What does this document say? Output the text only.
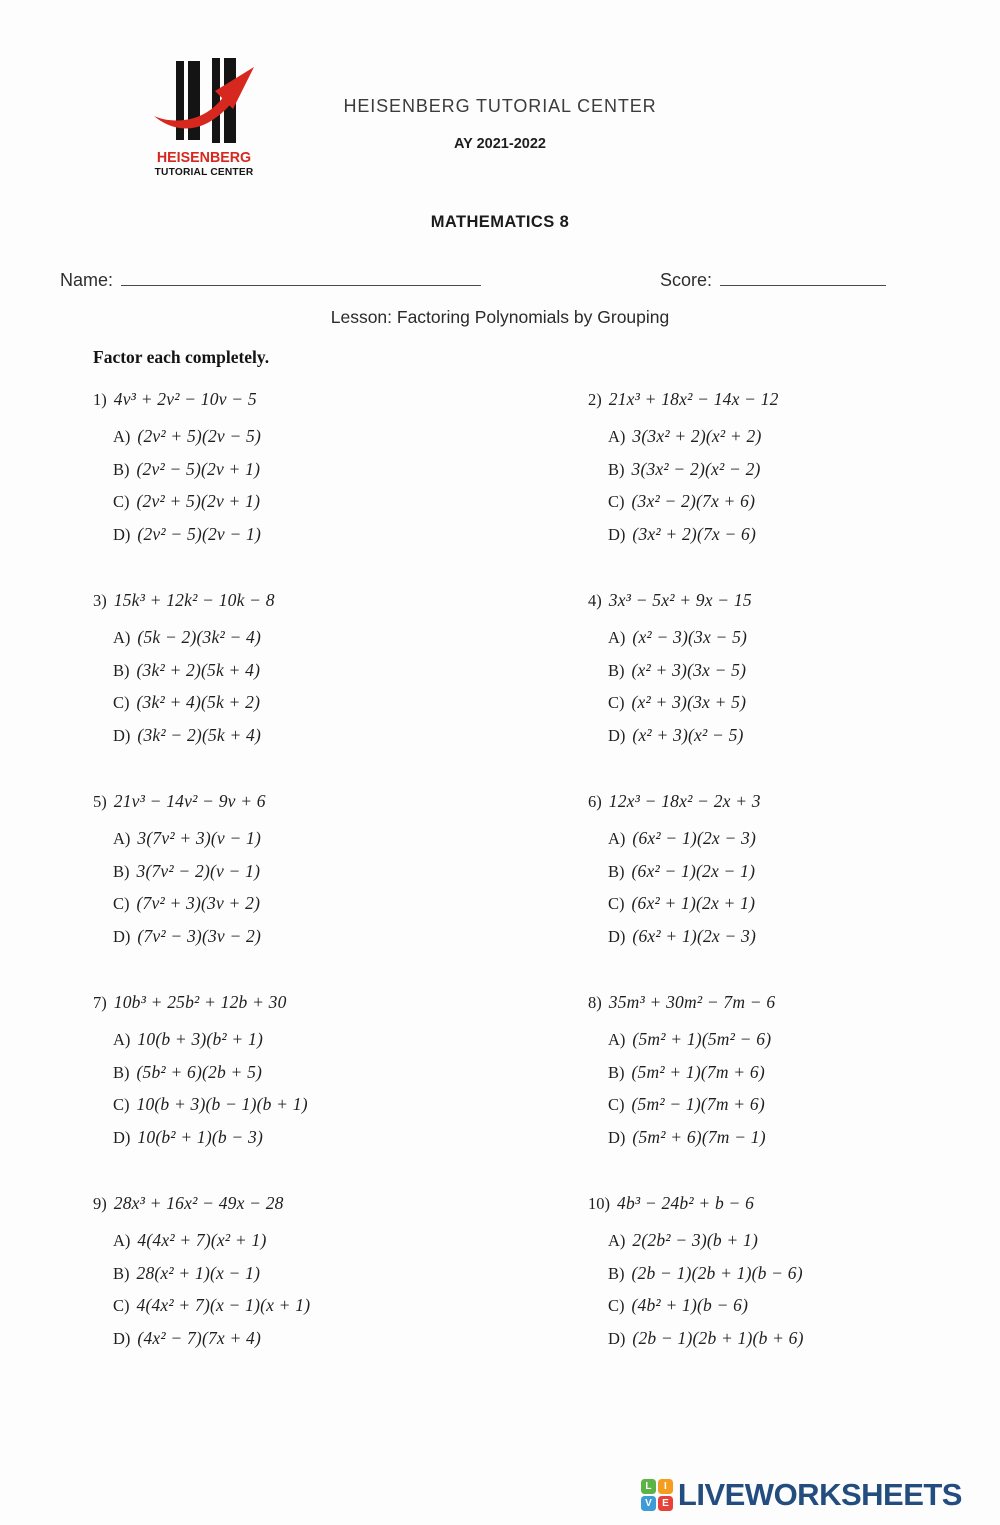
HEISENBERG
TUTORIAL CENTER
HEISENBERG TUTORIAL CENTER
AY 2021-2022
MATHEMATICS 8
Name:	Score:
Lesson: Factoring Polynomials by Grouping
Factor each completely.
1) 4v³ + 2v² − 10v − 5
A) (2v² + 5)(2v − 5)
B) (2v² − 5)(2v + 1)
C) (2v² + 5)(2v + 1)
D) (2v² − 5)(2v − 1)
2) 21x³ + 18x² − 14x − 12
A) 3(3x² + 2)(x² + 2)
B) 3(3x² − 2)(x² − 2)
C) (3x² − 2)(7x + 6)
D) (3x² + 2)(7x − 6)
3) 15k³ + 12k² − 10k − 8
A) (5k − 2)(3k² − 4)
B) (3k² + 2)(5k + 4)
C) (3k² + 4)(5k + 2)
D) (3k² − 2)(5k + 4)
4) 3x³ − 5x² + 9x − 15
A) (x² − 3)(3x − 5)
B) (x² + 3)(3x − 5)
C) (x² + 3)(3x + 5)
D) (x² + 3)(x² − 5)
5) 21v³ − 14v² − 9v + 6
A) 3(7v² + 3)(v − 1)
B) 3(7v² − 2)(v − 1)
C) (7v² + 3)(3v + 2)
D) (7v² − 3)(3v − 2)
6) 12x³ − 18x² − 2x + 3
A) (6x² − 1)(2x − 3)
B) (6x² − 1)(2x − 1)
C) (6x² + 1)(2x + 1)
D) (6x² + 1)(2x − 3)
7) 10b³ + 25b² + 12b + 30
A) 10(b + 3)(b² + 1)
B) (5b² + 6)(2b + 5)
C) 10(b + 3)(b − 1)(b + 1)
D) 10(b² + 1)(b − 3)
8) 35m³ + 30m² − 7m − 6
A) (5m² + 1)(5m² − 6)
B) (5m² + 1)(7m + 6)
C) (5m² − 1)(7m + 6)
D) (5m² + 6)(7m − 1)
9) 28x³ + 16x² − 49x − 28
A) 4(4x² + 7)(x² + 1)
B) 28(x² + 1)(x − 1)
C) 4(4x² + 7)(x − 1)(x + 1)
D) (4x² − 7)(7x + 4)
10) 4b³ − 24b² + b − 6
A) 2(2b² − 3)(b + 1)
B) (2b − 1)(2b + 1)(b − 6)
C) (4b² + 1)(b − 6)
D) (2b − 1)(2b + 1)(b + 6)
L	I
V	E LIVEWORKSHEETS
